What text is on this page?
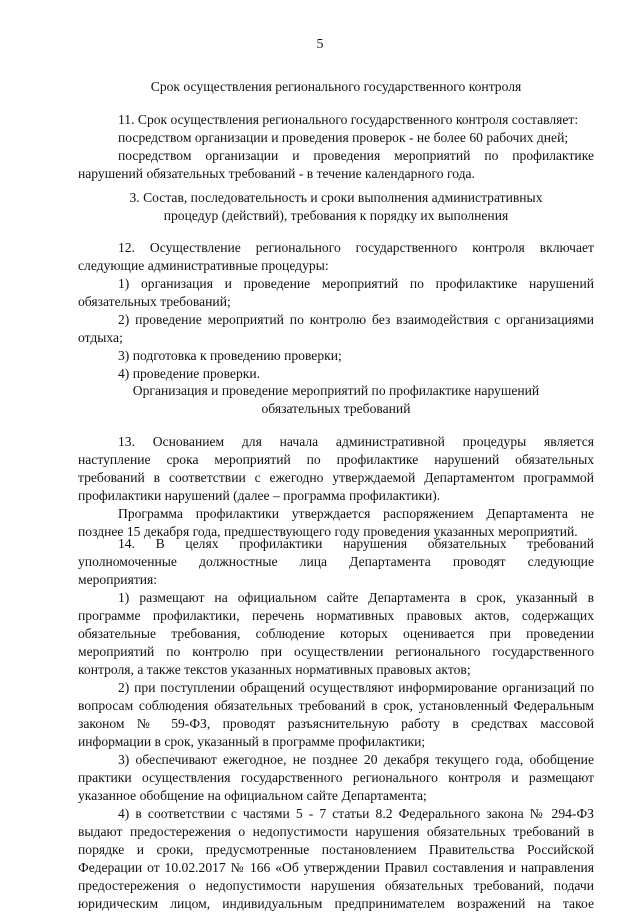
5
Срок осуществления регионального государственного контроля

11. Срок осуществления регионального государственного контроля составляет:

посредством организации и проведения проверок - не более 60 рабочих дней;

посредством организации и проведения мероприятий по профилактике

нарушений обязательных требований - в течение календарного года.

3. Состав, последовательность и сроки выполнения административных

процедур (действий), требования к порядку их выполнения

12. Осуществление регионального государственного контроля включает

следующие административные процедуры:

1) организация и проведение мероприятий по профилактике нарушений

обязательных требований;

2) проведение мероприятий по контролю без взаимодействия с организациями

отдыха;

3) подготовка к проведению проверки;

4) проведение проверки.

Организация и проведение мероприятий по профилактике нарушений

обязательных требований

13. Основанием для начала административной процедуры является

наступление срока мероприятий по профилактике нарушений обязательных

требований в соответствии с ежегодно утверждаемой Департаментом программой

профилактики нарушений (далее – программа профилактики).

Программа профилактики утверждается распоряжением Департамента не

позднее 15 декабря года, предшествующего году проведения указанных мероприятий.

14. В целях профилактики нарушения обязательных требований

уполномоченные должностные лица Департамента проводят следующие

мероприятия:

1) размещают на официальном сайте Департамента в срок, указанный в

программе профилактики, перечень нормативных правовых актов, содержащих

обязательные требования, соблюдение которых оценивается при проведении

мероприятий по контролю при осуществлении регионального государственного

контроля, а также текстов указанных нормативных правовых актов;

2) при поступлении обращений осуществляют информирование организаций по

вопросам соблюдения обязательных требований в срок, установленный Федеральным

законом № 59-ФЗ, проводят разъяснительную работу в средствах массовой

информации в срок, указанный в программе профилактики;

3) обеспечивают ежегодное, не позднее 20 декабря текущего года, обобщение

практики осуществления государственного регионального контроля и размещают

указанное обобщение на официальном сайте Департамента;

4) в соответствии с частями 5 - 7 статьи 8.2 Федерального закона № 294-ФЗ

выдают предостережения о недопустимости нарушения обязательных требований в

порядке и сроки, предусмотренные постановлением Правительства Российской

Федерации от 10.02.2017 № 166 «Об утверждении Правил составления и направления

предостережения о недопустимости нарушения обязательных требований, подачи

юридическим лицом, индивидуальным предпринимателем возражений на такое
